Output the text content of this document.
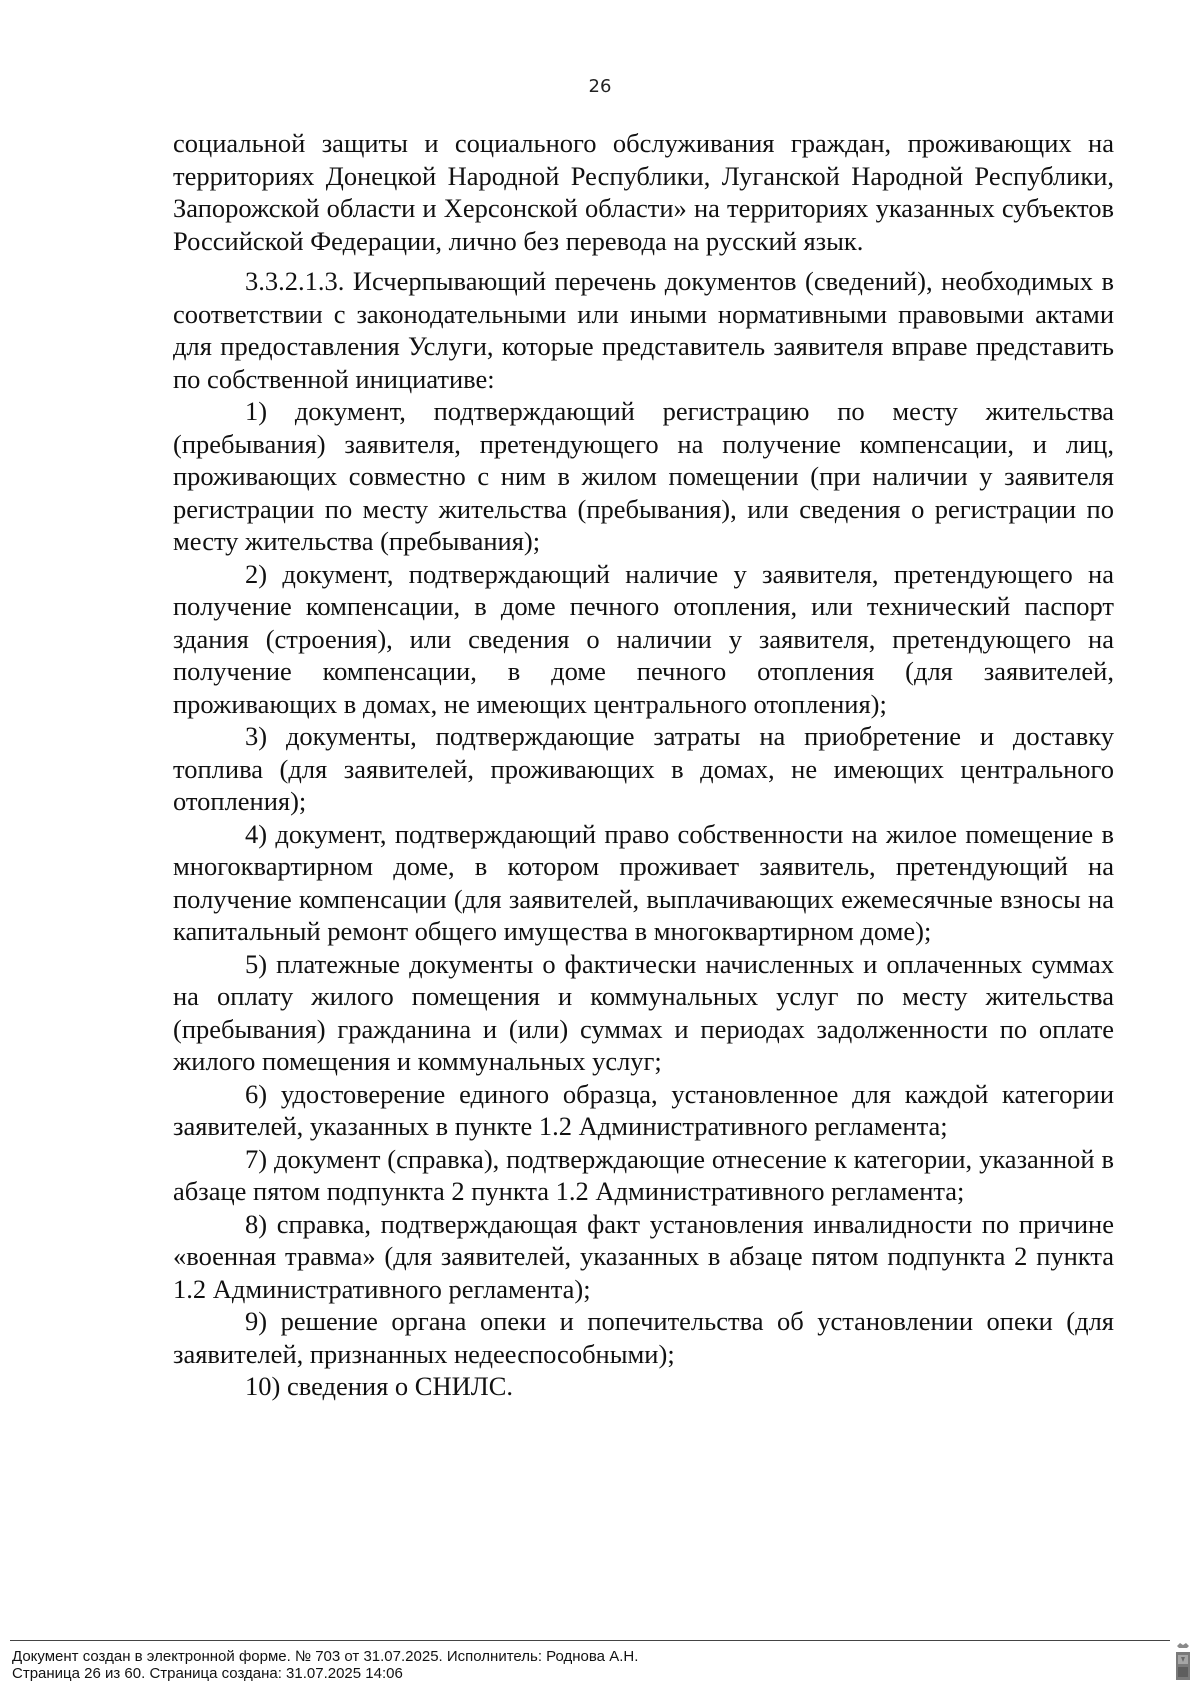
26

социальной защиты и социального обслуживания граждан, проживающих на территориях Донецкой Народной Республики, Луганской Народной Республики, Запорожской области и Херсонской области» на территориях указанных субъектов Российской Федерации, лично без перевода на русский язык.

3.3.2.1.3. Исчерпывающий перечень документов (сведений), необходимых в соответствии с законодательными или иными нормативными правовыми актами для предоставления Услуги, которые представитель заявителя вправе представить по собственной инициативе:

1) документ, подтверждающий регистрацию по месту жительства (пребывания) заявителя, претендующего на получение компенсации, и лиц, проживающих совместно с ним в жилом помещении (при наличии у заявителя регистрации по месту жительства (пребывания), или сведения о регистрации по месту жительства (пребывания);

2) документ, подтверждающий наличие у заявителя, претендующего на получение компенсации, в доме печного отопления, или технический паспорт здания (строения), или сведения о наличии у заявителя, претендующего на получение компенсации, в доме печного отопления (для заявителей, проживающих в домах, не имеющих центрального отопления);

3) документы, подтверждающие затраты на приобретение и доставку топлива (для заявителей, проживающих в домах, не имеющих центрального отопления);

4) документ, подтверждающий право собственности на жилое помещение в многоквартирном доме, в котором проживает заявитель, претендующий на получение компенсации (для заявителей, выплачивающих ежемесячные взносы на капитальный ремонт общего имущества в многоквартирном доме);

5) платежные документы о фактически начисленных и оплаченных суммах на оплату жилого помещения и коммунальных услуг по месту жительства (пребывания) гражданина и (или) суммах и периодах задолженности по оплате жилого помещения и коммунальных услуг;

6) удостоверение единого образца, установленное для каждой категории заявителей, указанных в пункте 1.2 Административного регламента;

7) документ (справка), подтверждающие отнесение к категории, указанной в абзаце пятом подпункта 2 пункта 1.2 Административного регламента;

8) справка, подтверждающая факт установления инвалидности по причине «военная травма» (для заявителей, указанных в абзаце пятом подпункта 2 пункта 1.2 Административного регламента);

9) решение органа опеки и попечительства об установлении опеки (для заявителей, признанных недееспособными);

10) сведения о СНИЛС.

Документ создан в электронной форме. № 703 от 31.07.2025. Исполнитель: Роднова А.Н.
Страница 26 из 60. Страница создана: 31.07.2025 14:06
